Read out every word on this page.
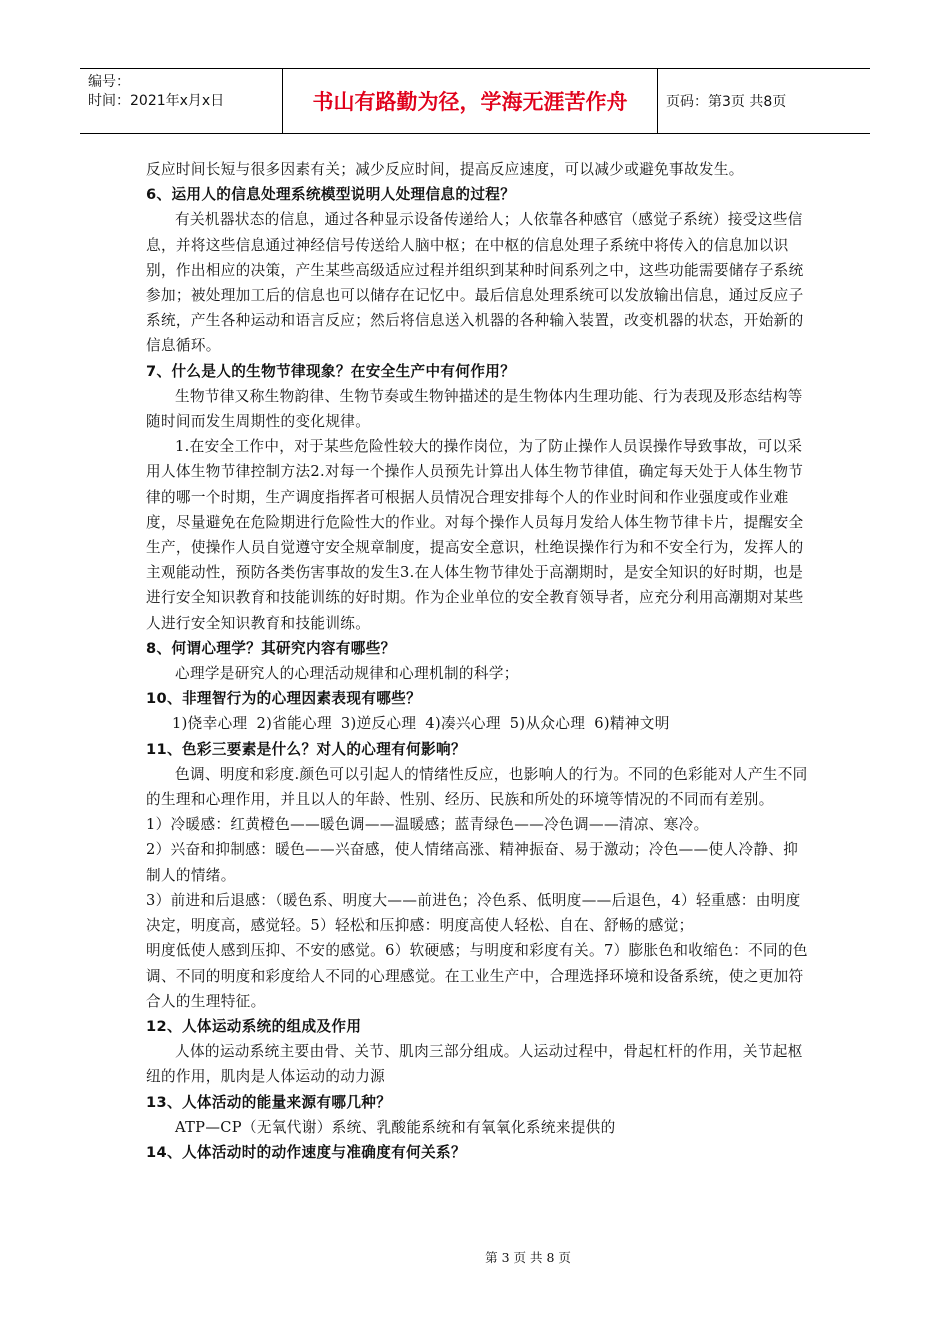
编号：
时间：2021年x月x日	书山有路勤为径，学海无涯苦作舟	页码：第3页 共8页

反应时间长短与很多因素有关；减少反应时间，提高反应速度，可以减少或避免事故发生。

6、运用人的信息处理系统模型说明人处理信息的过程？

有关机器状态的信息，通过各种显示设备传递给人；人依靠各种感官（感觉子系统）接受这些信息，并将这些信息通过神经信号传送给人脑中枢；在中枢的信息处理子系统中将传入的信息加以识别，作出相应的决策，产生某些高级适应过程并组织到某种时间系列之中，这些功能需要储存子系统参加；被处理加工后的信息也可以储存在记忆中。最后信息处理系统可以发放输出信息，通过反应子系统，产生各种运动和语言反应；然后将信息送入机器的各种输入装置，改变机器的状态，开始新的信息循环。

7、什么是人的生物节律现象？在安全生产中有何作用？

生物节律又称生物韵律、生物节奏或生物钟描述的是生物体内生理功能、行为表现及形态结构等随时间而发生周期性的变化规律。

1.在安全工作中，对于某些危险性较大的操作岗位，为了防止操作人员误操作导致事故，可以采用人体生物节律控制方法2.对每一个操作人员预先计算出人体生物节律值，确定每天处于人体生物节律的哪一个时期，生产调度指挥者可根据人员情况合理安排每个人的作业时间和作业强度或作业难度，尽量避免在危险期进行危险性大的作业。对每个操作人员每月发给人体生物节律卡片，提醒安全生产，使操作人员自觉遵守安全规章制度，提高安全意识，杜绝误操作行为和不安全行为，发挥人的主观能动性，预防各类伤害事故的发生3.在人体生物节律处于高潮期时，是安全知识的好时期，也是进行安全知识教育和技能训练的好时期。作为企业单位的安全教育领导者，应充分利用高潮期对某些人进行安全知识教育和技能训练。

8、何谓心理学？其研究内容有哪些？

心理学是研究人的心理活动规律和心理机制的科学；

10、非理智行为的心理因素表现有哪些？

1)侥幸心理 2)省能心理 3)逆反心理 4)凑兴心理 5)从众心理 6)精神文明

11、色彩三要素是什么？对人的心理有何影响？

色调、明度和彩度.颜色可以引起人的情绪性反应，也影响人的行为。不同的色彩能对人产生不同的生理和心理作用，并且以人的年龄、性别、经历、民族和所处的环境等情况的不同而有差别。

1）冷暖感：红黄橙色——暖色调——温暖感；蓝青绿色——冷色调——清凉、寒冷。

2）兴奋和抑制感：暖色——兴奋感，使人情绪高涨、精神振奋、易于激动；冷色——使人冷静、抑制人的情绪。

3）前进和后退感：（暖色系、明度大——前进色；冷色系、低明度——后退色，4）轻重感：由明度决定，明度高，感觉轻。5）轻松和压抑感：明度高使人轻松、自在、舒畅的感觉；

明度低使人感到压抑、不安的感觉。6）软硬感；与明度和彩度有关。7）膨胀色和收缩色：不同的色调、不同的明度和彩度给人不同的心理感觉。在工业生产中，合理选择环境和设备系统，使之更加符合人的生理特征。

12、人体运动系统的组成及作用

人体的运动系统主要由骨、关节、肌肉三部分组成。人运动过程中，骨起杠杆的作用，关节起枢纽的作用，肌肉是人体运动的动力源

13、人体活动的能量来源有哪几种？

ATP—CP（无氧代谢）系统、乳酸能系统和有氧氧化系统来提供的

14、人体活动时的动作速度与准确度有何关系？

第 3 页 共 8 页
